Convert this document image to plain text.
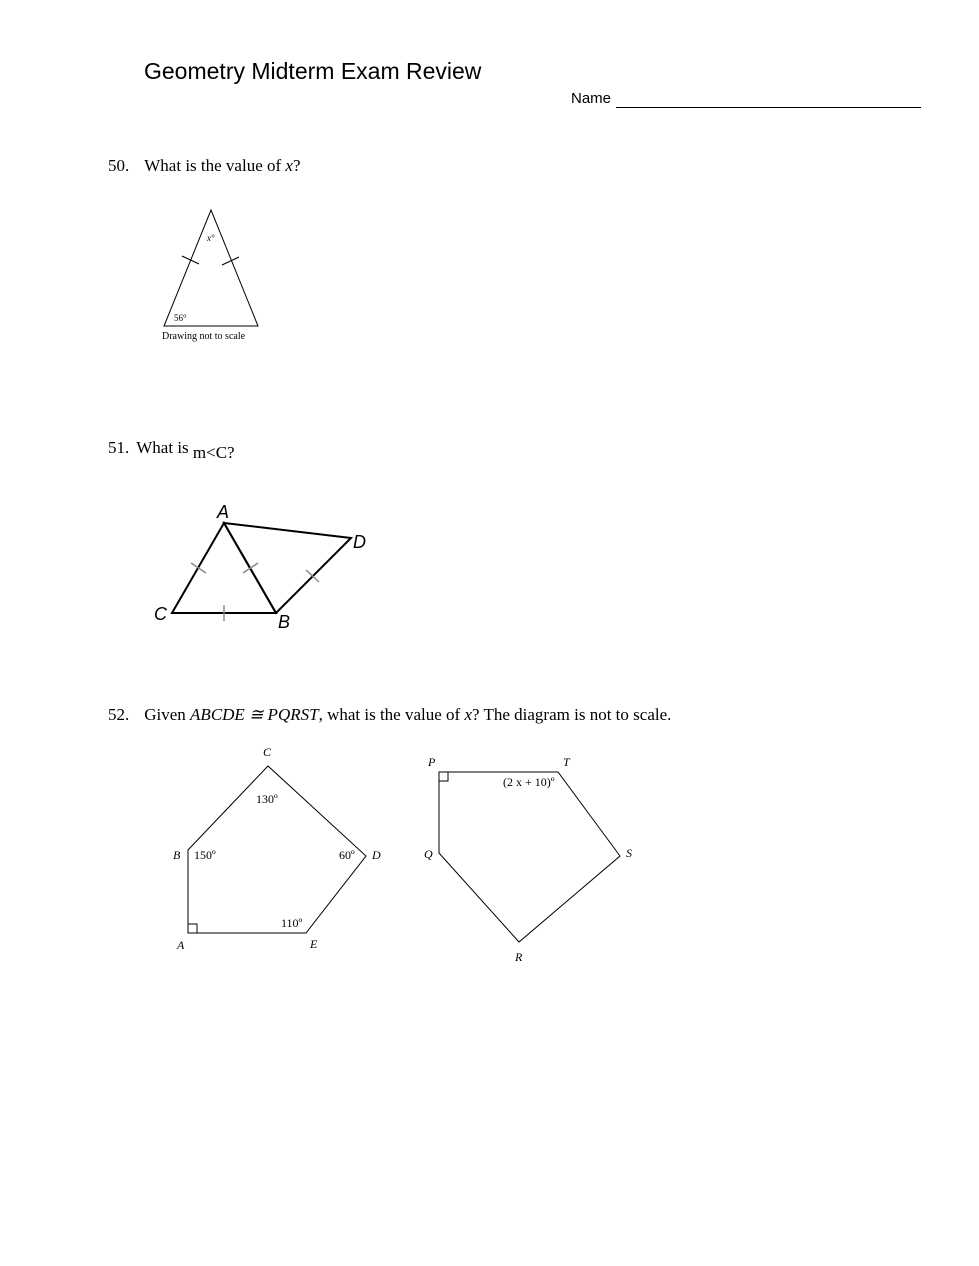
Geometry Midterm Exam Review
Name
50. What is the value of x?
x°
56°
Drawing not to scale
51. What is m<C?
A
D
C	B
52. Given ABCDE ≅ PQRST, what is the value of x? The diagram is not to scale.
C
B	D
A	E
130º
150º	60º
110º
P	T
Q	S
R
(2 x + 10)º
